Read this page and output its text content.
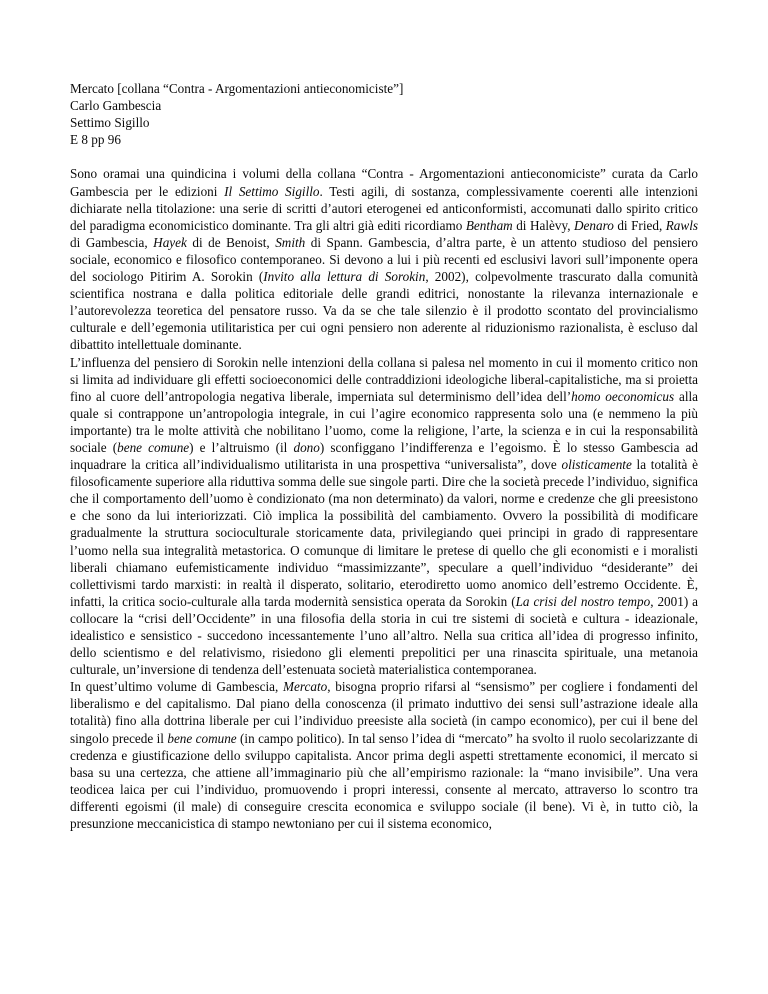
Mercato [collana “Contra - Argomentazioni antieconomiciste”]
Carlo Gambescia
Settimo Sigillo
E 8 pp 96

Sono oramai una quindicina i volumi della collana “Contra - Argomentazioni antieconomiciste” curata da Carlo Gambescia per le edizioni Il Settimo Sigillo. Testi agili, di sostanza, complessivamente coerenti alle intenzioni dichiarate nella titolazione: una serie di scritti d’autori eterogenei ed anticonformisti, accomunati dallo spirito critico del paradigma economicistico dominante. Tra gli altri già editi ricordiamo Bentham di Halèvy, Denaro di Fried, Rawls di Gambescia, Hayek di de Benoist, Smith di Spann. Gambescia, d’altra parte, è un attento studioso del pensiero sociale, economico e filosofico contemporaneo. Si devono a lui i più recenti ed esclusivi lavori sull’imponente opera del sociologo Pitirim A. Sorokin (Invito alla lettura di Sorokin, 2002), colpevolmente trascurato dalla comunità scientifica nostrana e dalla politica editoriale delle grandi editrici, nonostante la rilevanza internazionale e l’autorevolezza teoretica del pensatore russo. Va da se che tale silenzio è il prodotto scontato del provincialismo culturale e dell’egemonia utilitaristica per cui ogni pensiero non aderente al riduzionismo razionalista, è escluso dal dibattito intellettuale dominante.

L’influenza del pensiero di Sorokin nelle intenzioni della collana si palesa nel momento in cui il momento critico non si limita ad individuare gli effetti socioeconomici delle contraddizioni ideologiche liberal-capitalistiche, ma si proietta fino al cuore dell’antropologia negativa liberale, imperniata sul determinismo dell’idea dell’homo oeconomicus alla quale si contrappone un’antropologia integrale, in cui l’agire economico rappresenta solo una (e nemmeno la più importante) tra le molte attività che nobilitano l’uomo, come la religione, l’arte, la scienza e in cui la responsabilità sociale (bene comune) e l’altruismo (il dono) sconfiggano l’indifferenza e l’egoismo. È lo stesso Gambescia ad inquadrare la critica all’individualismo utilitarista in una prospettiva “universalista”, dove olisticamente la totalità è filosoficamente superiore alla riduttiva somma delle sue singole parti. Dire che la società precede l’individuo, significa che il comportamento dell’uomo è condizionato (ma non determinato) da valori, norme e credenze che gli preesistono e che sono da lui interiorizzati. Ciò implica la possibilità del cambiamento. Ovvero la possibilità di modificare gradualmente la struttura socioculturale storicamente data, privilegiando quei principi in grado di rappresentare l’uomo nella sua integralità metastorica. O comunque di limitare le pretese di quello che gli economisti e i moralisti liberali chiamano eufemisticamente individuo “massimizzante”, speculare a quell’individuo “desiderante” dei collettivismi tardo marxisti: in realtà il disperato, solitario, eterodiretto uomo anomico dell’estremo Occidente. È, infatti, la critica socio-culturale alla tarda modernità sensistica operata da Sorokin (La crisi del nostro tempo, 2001) a collocare la “crisi dell’Occidente” in una filosofia della storia in cui tre sistemi di società e cultura - ideazionale, idealistico e sensistico - succedono incessantemente l’uno all’altro. Nella sua critica all’idea di progresso infinito, dello scientismo e del relativismo, risiedono gli elementi prepolitici per una rinascita spirituale, una metanoia culturale, un’inversione di tendenza dell’estenuata società materialistica contemporanea.

In quest’ultimo volume di Gambescia, Mercato, bisogna proprio rifarsi al “sensismo” per cogliere i fondamenti del liberalismo e del capitalismo. Dal piano della conoscenza (il primato induttivo dei sensi sull’astrazione ideale alla totalità) fino alla dottrina liberale per cui l’individuo preesiste alla società (in campo economico), per cui il bene del singolo precede il bene comune (in campo politico). In tal senso l’idea di “mercato” ha svolto il ruolo secolarizzante di credenza e giustificazione dello sviluppo capitalista. Ancor prima degli aspetti strettamente economici, il mercato si basa su una certezza, che attiene all’immaginario più che all’empirismo razionale: la “mano invisibile”. Una vera teodicea laica per cui l’individuo, promuovendo i propri interessi, consente al mercato, attraverso lo scontro tra differenti egoismi (il male) di conseguire crescita economica e sviluppo sociale (il bene). Vi è, in tutto ciò, la presunzione meccanicistica di stampo newtoniano per cui il sistema economico,
